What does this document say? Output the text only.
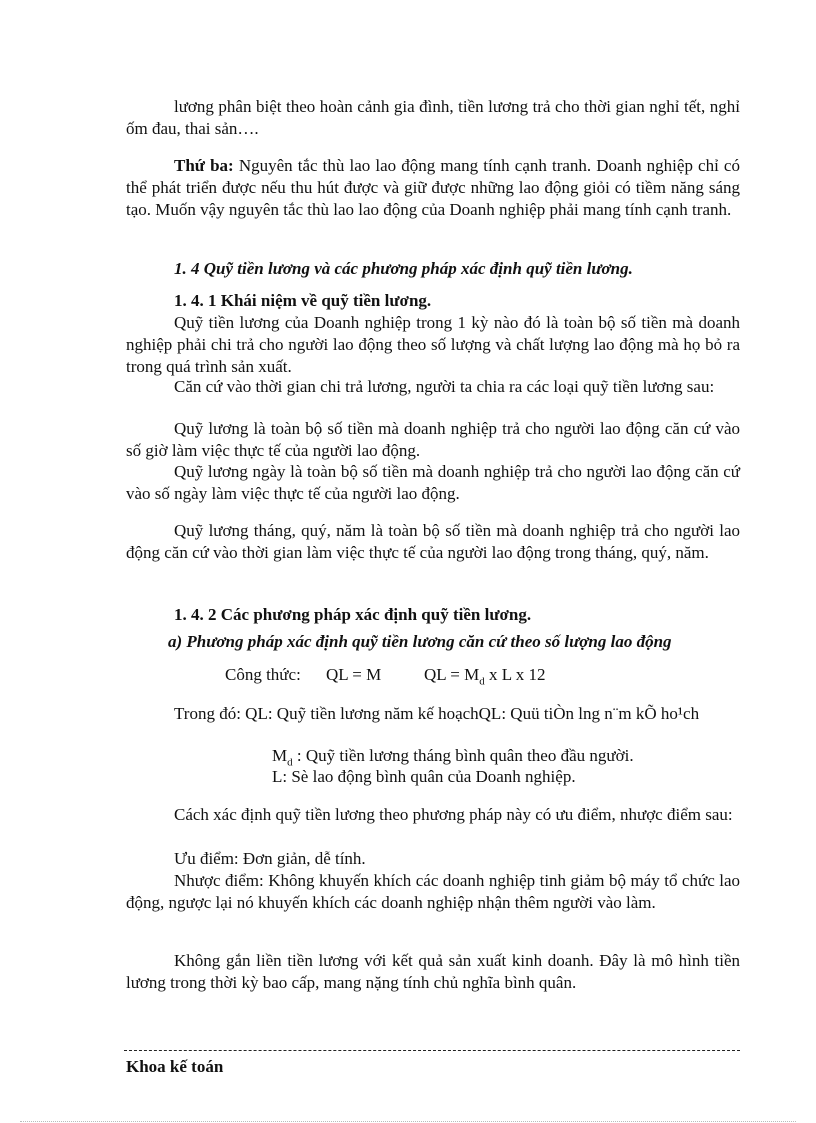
lương phân biệt theo hoàn cảnh gia đình, tiền lương trả cho thời gian nghỉ tết, nghỉ ốm đau, thai sản….

Thứ ba: Nguyên tắc thù lao lao động mang tính cạnh tranh. Doanh nghiệp chỉ có thể phát triển được nếu thu hút được và giữ được những lao động giỏi có tiềm năng sáng tạo. Muốn vậy nguyên tắc thù lao lao động của Doanh nghiệp phải mang tính cạnh tranh.

1. 4 Quỹ tiền lương và các phương pháp xác định quỹ tiền lương.

1. 4. 1 Khái niệm về quỹ tiền lương.

Quỹ tiền lương của Doanh nghiệp trong 1 kỳ nào đó là toàn bộ số tiền mà doanh nghiệp phải chi trả cho người lao động theo số lượng và chất lượng lao động mà họ bỏ ra trong quá trình sản xuất.

Căn cứ vào thời gian chi trả lương, người ta chia ra các loại quỹ tiền lương sau:

Quỹ lương là toàn bộ số tiền mà doanh nghiệp trả cho người lao động căn cứ vào số giờ làm việc thực tế của người lao động.

Quỹ lương ngày là toàn bộ số tiền mà doanh nghiệp trả cho người lao động căn cứ vào số ngày làm việc thực tế của người lao động.

Quỹ lương tháng, quý, năm là toàn bộ số tiền mà doanh nghiệp trả cho người lao động căn cứ vào thời gian làm việc thực tế của người lao động trong tháng, quý, năm.

1. 4. 2 Các phương pháp xác định quỹ tiền lương.

a) Phương pháp xác định quỹ tiền lương căn cứ theo số lượng lao động

Công thức: QL = M	QL = $M_d$ x L x 12

Trong đó: QL: Quỹ tiền lương năm kế hoạchQL: Quü tiÒn lng n¨m kÕ ho¹ch

$M_d$ : Quỹ tiền lương tháng bình quân theo đầu người.
L: Sè lao động bình quân của Doanh nghiệp.

Cách xác định quỹ tiền lương theo phương pháp này có ưu điểm, nhược điểm sau:

Ưu điểm: Đơn giản, dễ tính.

Nhược điểm: Không khuyến khích các doanh nghiệp tinh giảm bộ máy tổ chức lao động, ngược lại nó khuyến khích các doanh nghiệp nhận thêm người vào làm.

Không gắn liền tiền lương với kết quả sản xuất kinh doanh. Đây là mô hình tiền lương trong thời kỳ bao cấp, mang nặng tính chủ nghĩa bình quân.

Khoa kế toán
